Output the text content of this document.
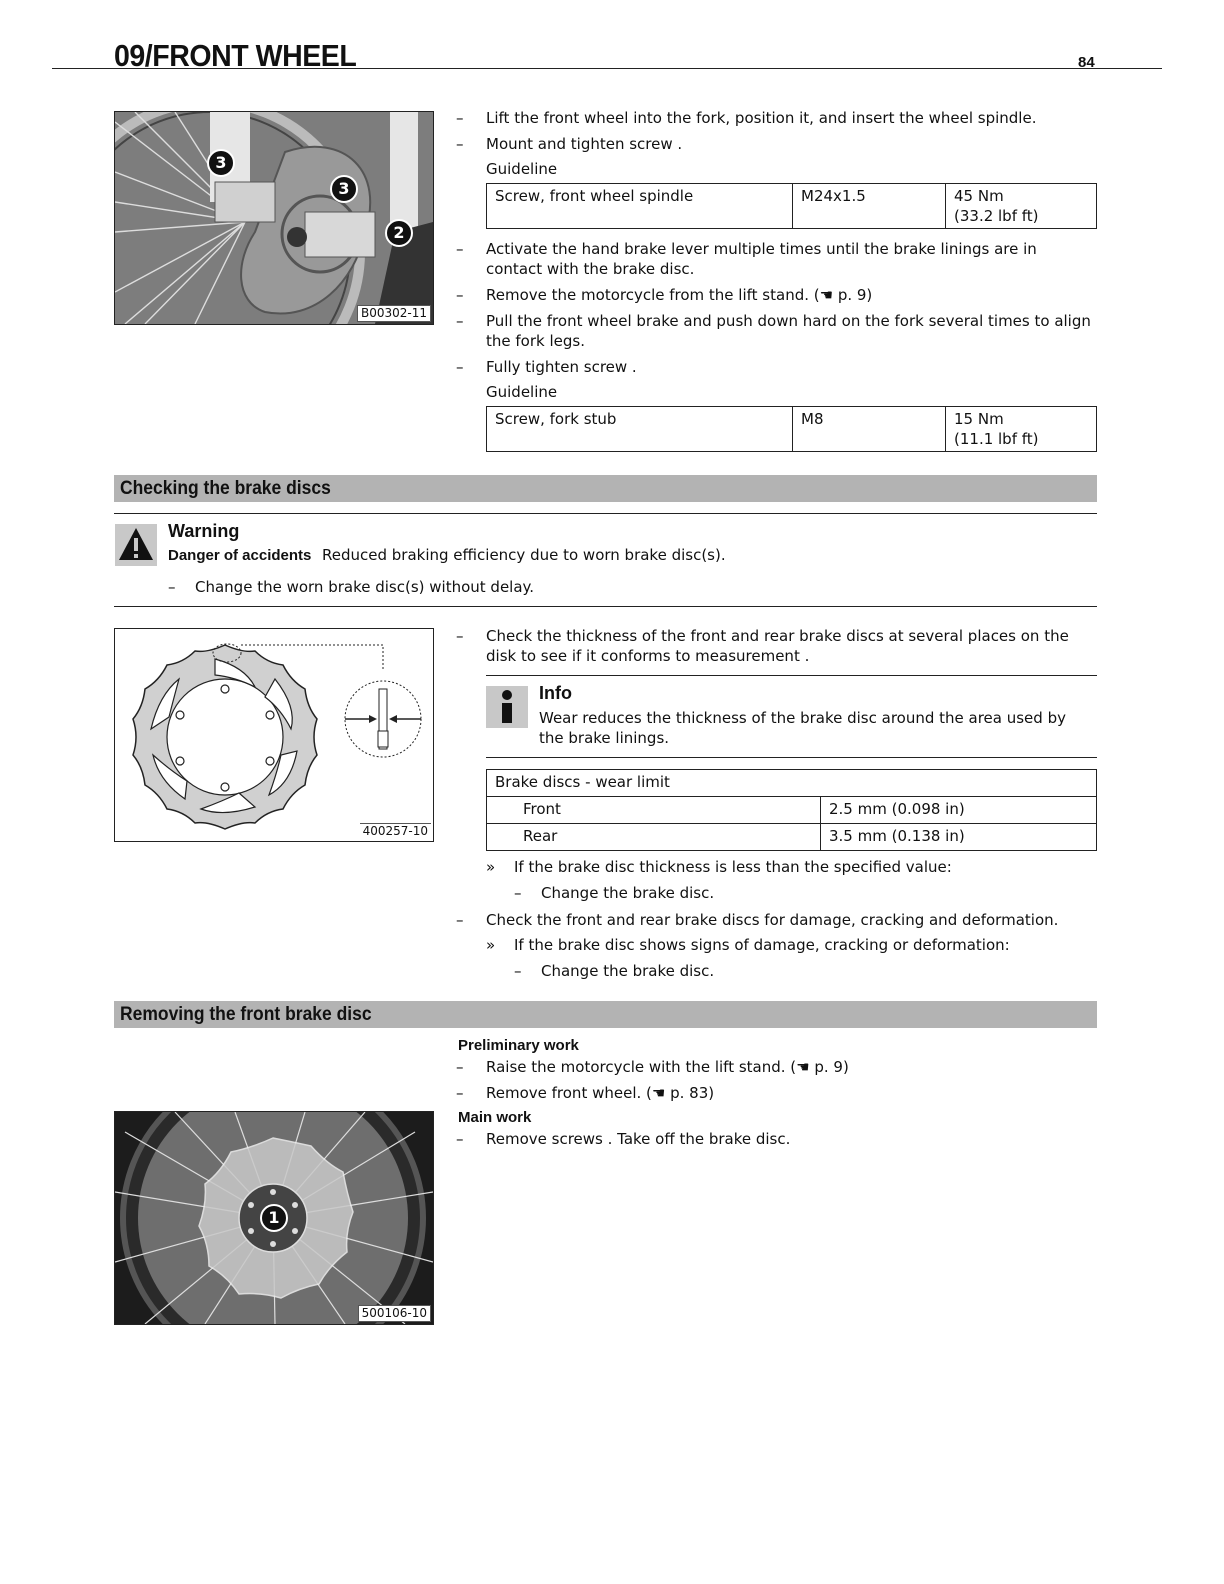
09/FRONT WHEEL	84
3
3
2
B00302-11
– Lift the front wheel into the fork, position it, and insert the wheel spindle.
– Mount and tighten screw .
Guideline
Screw, front wheel spindle	M24x1.5	45 Nm
(33.2 lbf ft)
– Activate the hand brake lever multiple times until the brake linings are in contact with the brake disc.
– Remove the motorcycle from the lift stand. (☚ p. 9)
– Pull the front wheel brake and push down hard on the fork several times to align the fork legs.
– Fully tighten screw .
Guideline
Screw, fork stub	M8	15 Nm
(11.1 lbf ft)
Checking the brake discs
Warning
Danger of accidents Reduced braking efficiency due to worn brake disc(s).
– Change the worn brake disc(s) without delay.
400257-10
– Check the thickness of the front and rear brake discs at several places on the disk to see if it conforms to measurement .
Info
Wear reduces the thickness of the brake disc around the area used by the brake linings.
Brake discs - wear limit	
Front	2.5 mm (0.098 in)
Rear	3.5 mm (0.138 in)
» If the brake disc thickness is less than the specified value:
– Change the brake disc.
– Check the front and rear brake discs for damage, cracking and deformation.
» If the brake disc shows signs of damage, cracking or deformation:
– Change the brake disc.
Removing the front brake disc
Preliminary work
– Raise the motorcycle with the lift stand. (☚ p. 9)
– Remove front wheel. (☚ p. 83)
Main work
– Remove screws . Take off the brake disc.
1
500106-10
